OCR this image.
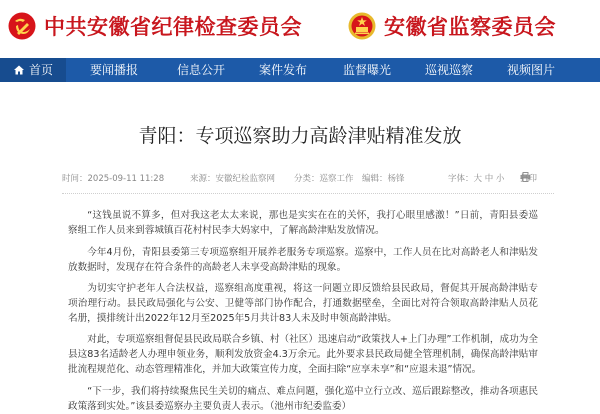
中共安徽省纪律检查委员会	安徽省监察委员会
首页	要闻播报	信息公开	案件发布	监督曝光	巡视巡察	视频图片
青阳：专项巡察助力高龄津贴精准发放
时间：2025-09-11 11:28	来源：安徽纪检监察网 分类：巡察工作 编辑：杨锋	字体：大 中 小 打印

“这钱虽说不算多，但对我这老太太来说，那也是实实在在的关怀，我打心眼里感激！”日前，青阳县委巡察组工作人员来到蓉城镇百花村村民李大妈家中，了解高龄津贴发放情况。

今年4月份，青阳县委第三专项巡察组开展养老服务专项巡察。巡察中，工作人员在比对高龄老人和津贴发放数据时，发现存在符合条件的高龄老人未享受高龄津贴的现象。

为切实守护老年人合法权益，巡察组高度重视，将这一问题立即反馈给县民政局，督促其开展高龄津贴专项治理行动。县民政局强化与公安、卫健等部门协作配合，打通数据壁垒，全面比对符合领取高龄津贴人员花名册，摸排统计出2022年12月至2025年5月共计83人未及时申领高龄津贴。

对此，专项巡察组督促县民政局联合乡镇、村（社区）迅速启动“政策找人+上门办理”工作机制，成功为全县这83名适龄老人办理申领业务，顺利发放资金4.3万余元。此外要求县民政局健全管理机制，确保高龄津贴审批流程规范化、动态管理精准化，并加大政策宣传力度，全面扫除“应享未享”和“应退未退”情况。

“下一步，我们将持续聚焦民生关切的痛点、难点问题，强化巡中立行立改、巡后跟踪整改，推动各项惠民政策落到实处。”该县委巡察办主要负责人表示。（池州市纪委监委）
